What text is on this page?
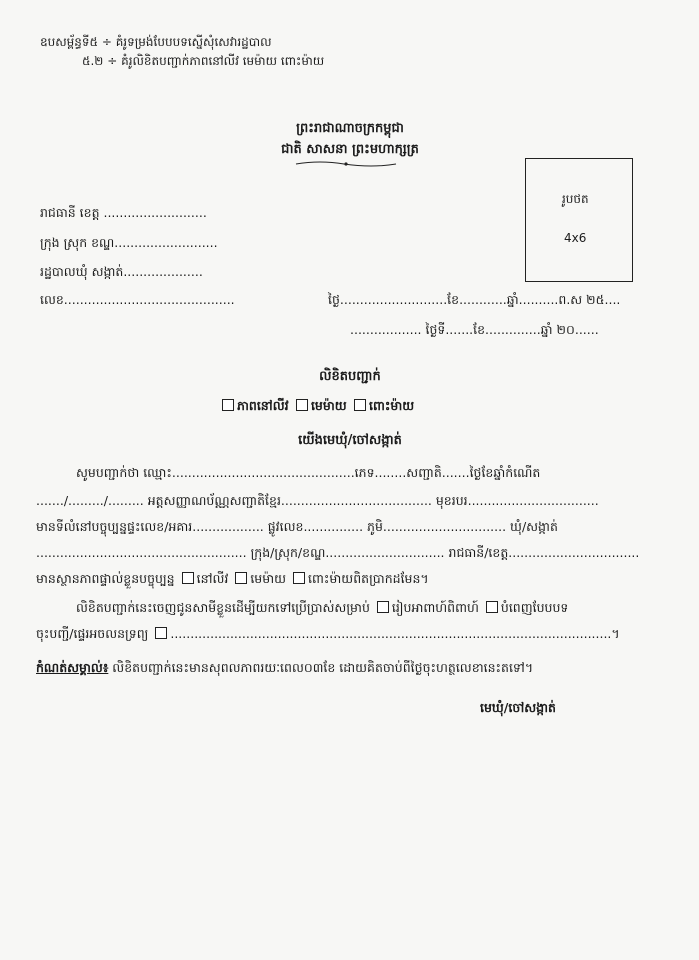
ឧបសម្ព័ន្ធទី៥ ÷ គំរូទម្រង់បែបបទស្នើសុំសេវារដ្ឋបាល
៥.២ ÷ គំរូលិខិតបញ្ជាក់ភាពនៅលីវ មេម៉ាយ ពោះម៉ាយ
ព្រះរាជាណាចក្រកម្ពុជា
ជាតិ សាសនា ព្រះមហាក្សត្រ
រូបថត
4x6
រាជធានី ខេត្ត ..........................
ក្រុង ស្រុក ខណ្ឌ..........................
រដ្ឋបាលឃុំ សង្កាត់....................
លេខ...........................................	ថ្ងៃ...........................ខែ............ឆ្នាំ..........ព.ស ២៥....
.................. ថ្ងៃទី.......ខែ..............ឆ្នាំ ២០......
លិខិតបញ្ជាក់
ភាពនៅលីវ មេម៉ាយ ពោះម៉ាយ
យើងមេឃុំ/ចៅសង្កាត់
សូមបញ្ជាក់ថា ឈ្មោះ..............................................ភេទ........សញ្ជាតិ.......ថ្ងៃខែឆ្នាំកំណើត
......./........./......... អត្តសញ្ញាណប័ណ្ណសញ្ជាតិខ្មែរ...................................... មុខរបរ.................................
មានទីលំនៅបច្ចុប្បន្នផ្ទះលេខ/អគារ.................. ផ្លូវលេខ............... ភូមិ............................... ឃុំ/សង្កាត់
..................................................... ក្រុង/ស្រុក/ខណ្ឌ.............................. រាជធានី/ខេត្ត.................................
មានស្ថានភាពផ្ទាល់ខ្លួនបច្ចុប្បន្ន នៅលីវ មេម៉ាយ ពោះម៉ាយពិតប្រាកដមែន។
លិខិតបញ្ជាក់នេះចេញជូនសាមីខ្លួនដើម្បីយកទៅប្រើប្រាស់សម្រាប់ រៀបអាពាហ៍ពិពាហ៍ បំពេញបែបបទ
ចុះបញ្ជី/ផ្ទេរអចលនទ្រព្យ ...............................................................................................................។
កំណត់សម្គាល់៖ លិខិតបញ្ជាក់នេះមានសុពលភាពរយៈពេល០៣ខែ ដោយគិតចាប់ពីថ្ងៃចុះហត្ថលេខានេះតទៅ។
មេឃុំ/ចៅសង្កាត់
